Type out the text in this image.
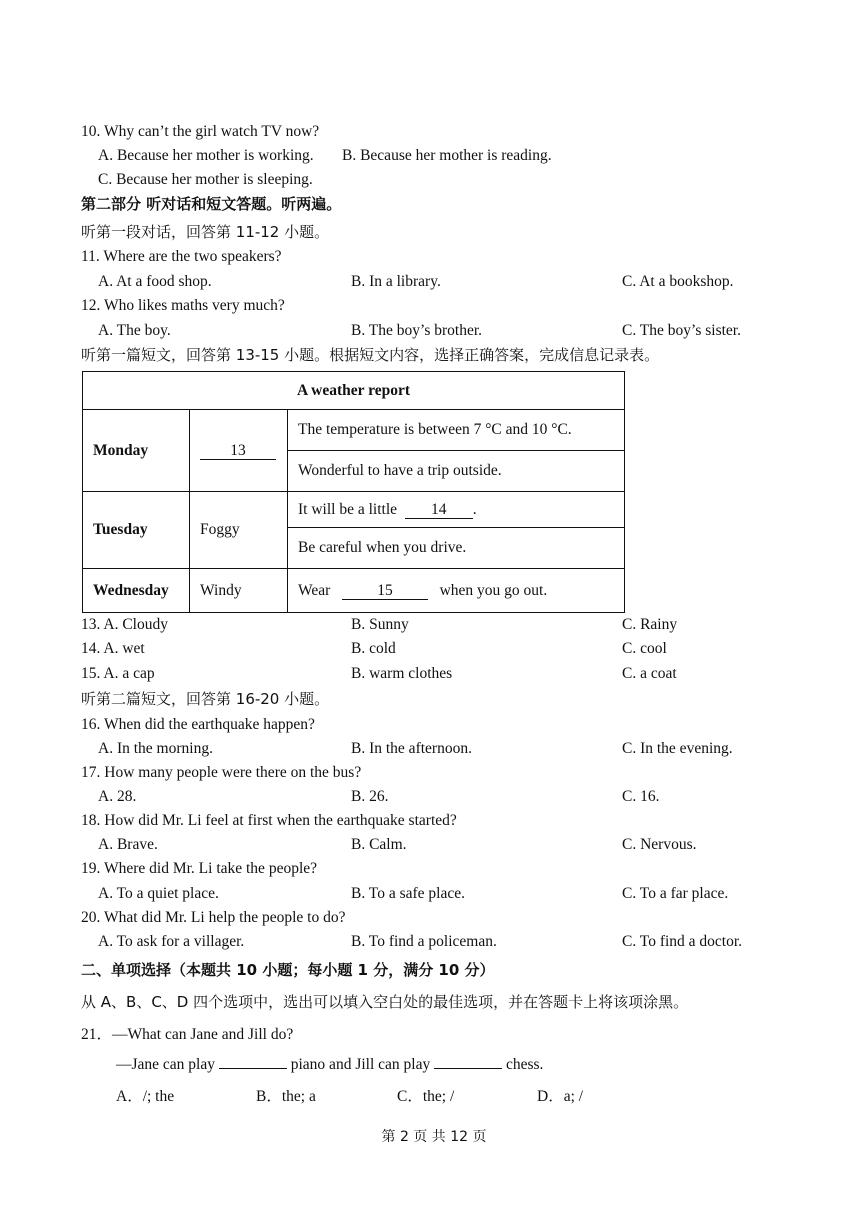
10. Why can’t the girl watch TV now?
A. Because her mother is working. B. Because her mother is reading.
C. Because her mother is sleeping.
第二部分 听对话和短文答题。听两遍。
听第一段对话，回答第 11-12 小题。
11. Where are the two speakers?
A. At a food shop.	B. In a library.	C. At a bookshop.
12. Who likes maths very much?
A. The boy.	B. The boy’s brother.	C. The boy’s sister.
听第一篇短文，回答第 13-15 小题。根据短文内容，选择正确答案，完成信息记录表。
A weather report		
Monday	13	The temperature is between 7 °C and 10 °C.
		Wonderful to have a trip outside.
Tuesday	Foggy	It will be a little 14 .
		Be careful when you drive.
Wednesday	Windy	Wear 15 when you go out.
13. A. Cloudy	B. Sunny	C. Rainy
14. A. wet	B. cold	C. cool
15. A. a cap	B. warm clothes	C. a coat
听第二篇短文，回答第 16-20 小题。
16. When did the earthquake happen?
A. In the morning.	B. In the afternoon.	C. In the evening.
17. How many people were there on the bus?
A. 28.	B. 26.	C. 16.
18. How did Mr. Li feel at first when the earthquake started?
A. Brave.	B. Calm.	C. Nervous.
19. Where did Mr. Li take the people?
A. To a quiet place.	B. To a safe place.	C. To a far place.
20. What did Mr. Li help the people to do?
A. To ask for a villager.	B. To find a policeman.	C. To find a doctor.
二、单项选择（本题共 10 小题；每小题 1 分，满分 10 分）
从 A、B、C、D 四个选项中，选出可以填入空白处的最佳选项，并在答题卡上将该项涂黑。
21．—What can Jane and Jill do?
—Jane can play	piano and Jill can play	chess.
A．/; the	B．the; a	C．the; /	D．a; /
第 2 页 共 12 页
